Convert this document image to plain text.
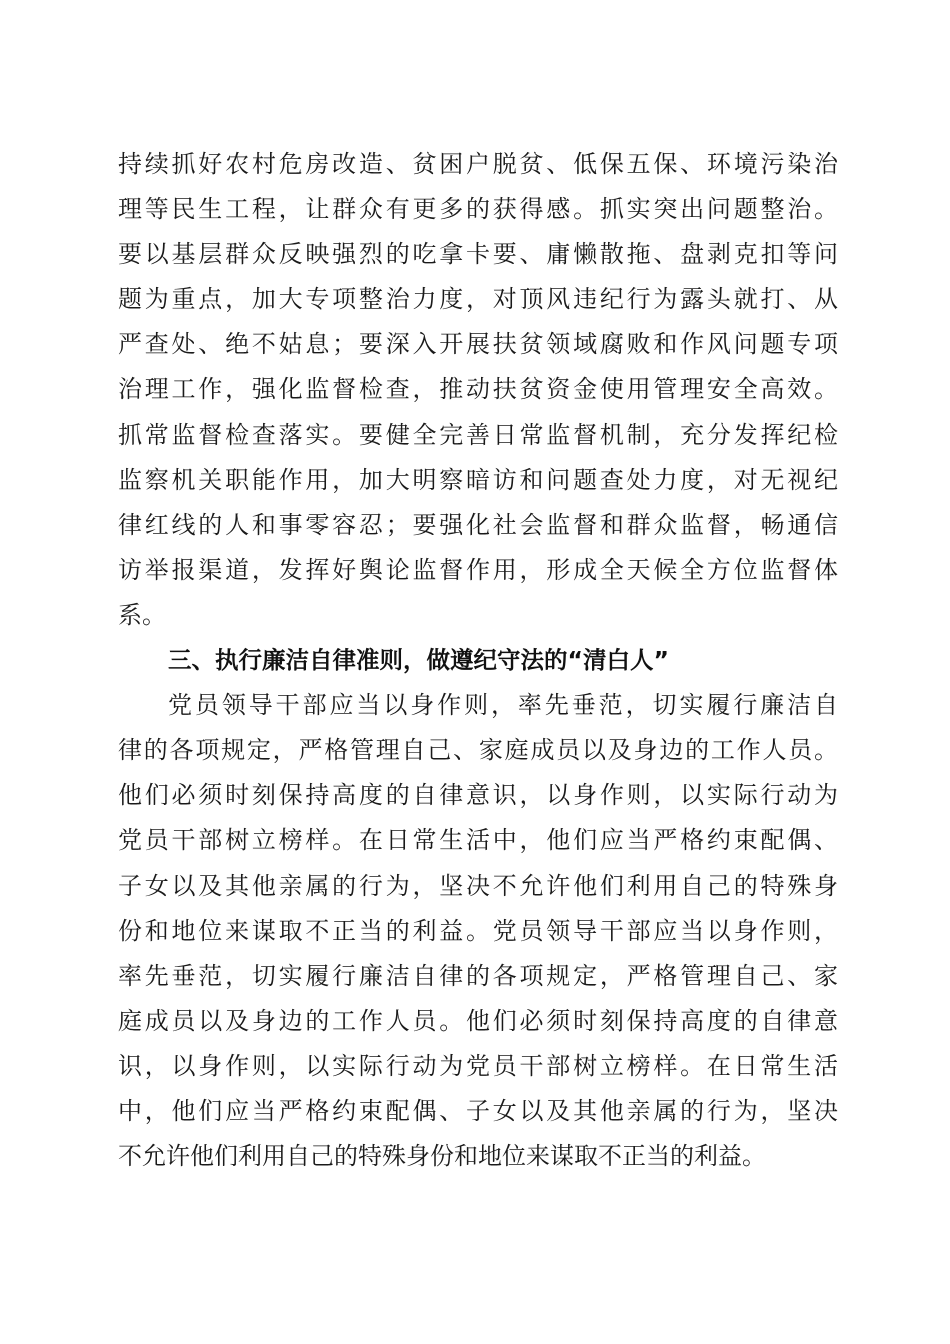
持续抓好农村危房改造、贫困户脱贫、低保五保、环境污染治
理等民生工程，让群众有更多的获得感。抓实突出问题整治。
要以基层群众反映强烈的吃拿卡要、庸懒散拖、盘剥克扣等问
题为重点，加大专项整治力度，对顶风违纪行为露头就打、从
严查处、绝不姑息；要深入开展扶贫领域腐败和作风问题专项
治理工作，强化监督检查，推动扶贫资金使用管理安全高效。
抓常监督检查落实。要健全完善日常监督机制，充分发挥纪检
监察机关职能作用，加大明察暗访和问题查处力度，对无视纪
律红线的人和事零容忍；要强化社会监督和群众监督，畅通信
访举报渠道，发挥好舆论监督作用，形成全天候全方位监督体
系。
三、执行廉洁自律准则，做遵纪守法的“清白人”
党员领导干部应当以身作则，率先垂范，切实履行廉洁自
律的各项规定，严格管理自己、家庭成员以及身边的工作人员。
他们必须时刻保持高度的自律意识，以身作则，以实际行动为
党员干部树立榜样。在日常生活中，他们应当严格约束配偶、
子女以及其他亲属的行为，坚决不允许他们利用自己的特殊身
份和地位来谋取不正当的利益。党员领导干部应当以身作则，
率先垂范，切实履行廉洁自律的各项规定，严格管理自己、家
庭成员以及身边的工作人员。他们必须时刻保持高度的自律意
识，以身作则，以实际行动为党员干部树立榜样。在日常生活
中，他们应当严格约束配偶、子女以及其他亲属的行为，坚决
不允许他们利用自己的特殊身份和地位来谋取不正当的利益。
